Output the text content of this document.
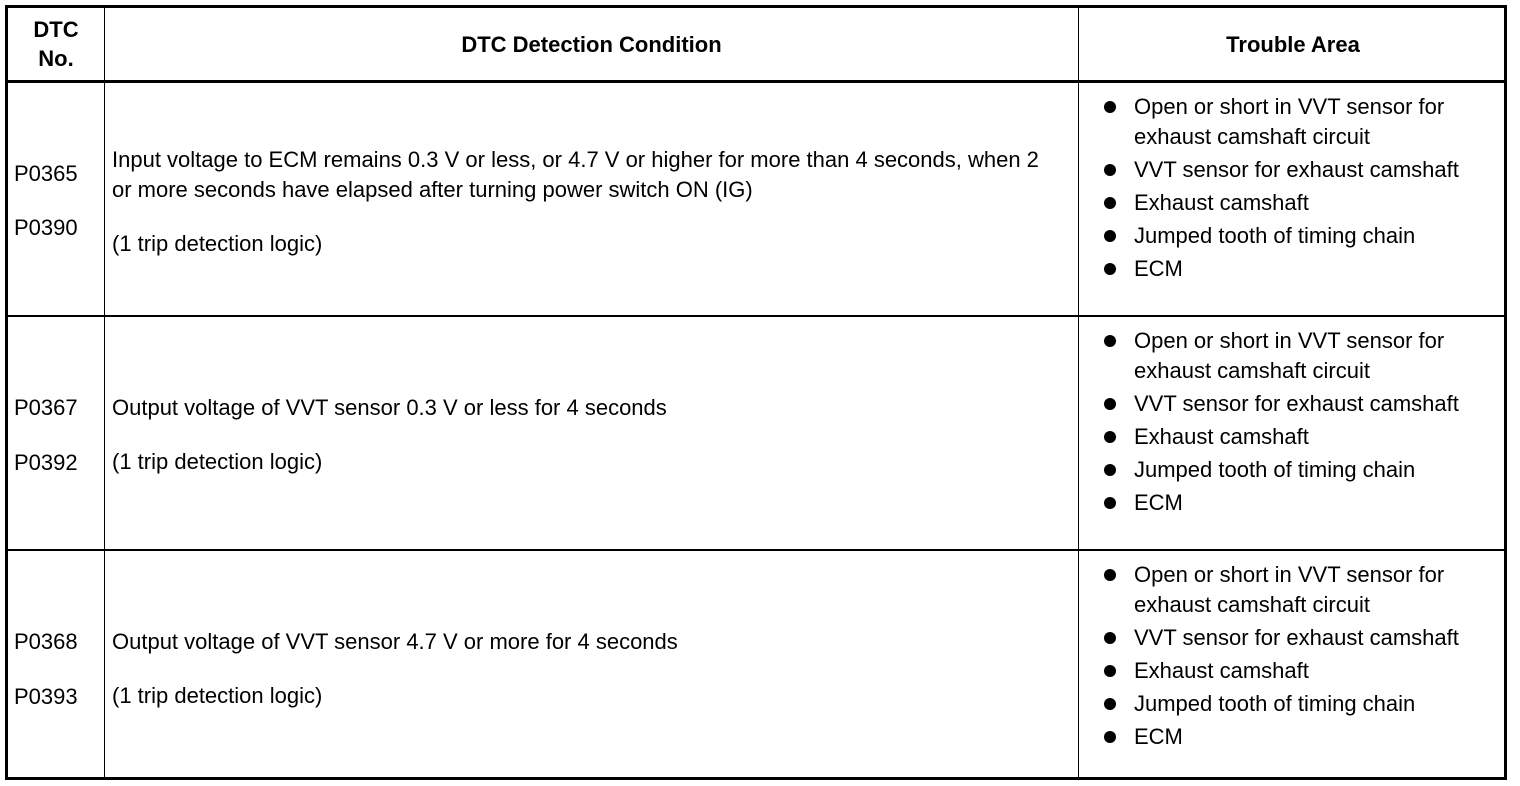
DTC No.
DTC Detection Condition	Trouble Area
P0365
P0390

Input voltage to ECM remains 0.3 V or less, or 4.7 V or higher for more than 4 seconds, when 2 or more seconds have elapsed after turning power switch ON (IG)

(1 trip detection logic)

Open or short in VVT sensor for exhaust camshaft circuit
VVT sensor for exhaust camshaft
Exhaust camshaft
Jumped tooth of timing chain
ECM
P0367
P0392

Output voltage of VVT sensor 0.3 V or less for 4 seconds

(1 trip detection logic)

Open or short in VVT sensor for exhaust camshaft circuit
VVT sensor for exhaust camshaft
Exhaust camshaft
Jumped tooth of timing chain
ECM
P0368
P0393

Output voltage of VVT sensor 4.7 V or more for 4 seconds

(1 trip detection logic)

Open or short in VVT sensor for exhaust camshaft circuit
VVT sensor for exhaust camshaft
Exhaust camshaft
Jumped tooth of timing chain
ECM
